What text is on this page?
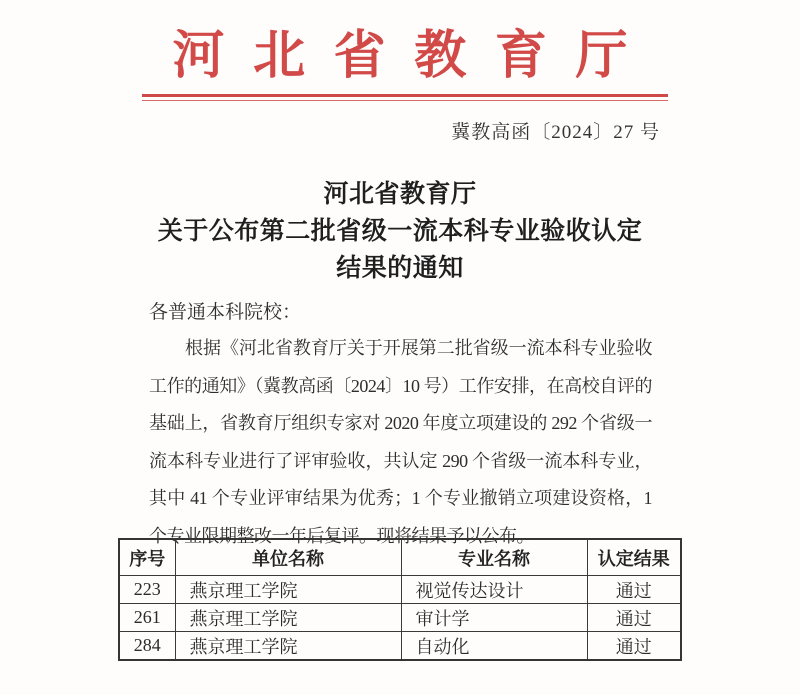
河北省教育厅
冀教高函〔2024〕27 号
河北省教育厅
关于公布第二批省级一流本科专业验收认定
结果的通知
各普通本科院校：
根据《河北省教育厅关于开展第二批省级一流本科专业验收
工作的通知》（冀教高函〔2024〕10 号）工作安排，在高校自评的
基础上，省教育厅组织专家对 2020 年度立项建设的 292 个省级一
流本科专业进行了评审验收，共认定 290 个省级一流本科专业，
其中 41 个专业评审结果为优秀；1 个专业撤销立项建设资格，1
个专业限期整改一年后复评。现将结果予以公布。
序号	单位名称	专业名称	认定结果
223	燕京理工学院	视觉传达设计	通过
261	燕京理工学院	审计学	通过
284	燕京理工学院	自动化	通过
